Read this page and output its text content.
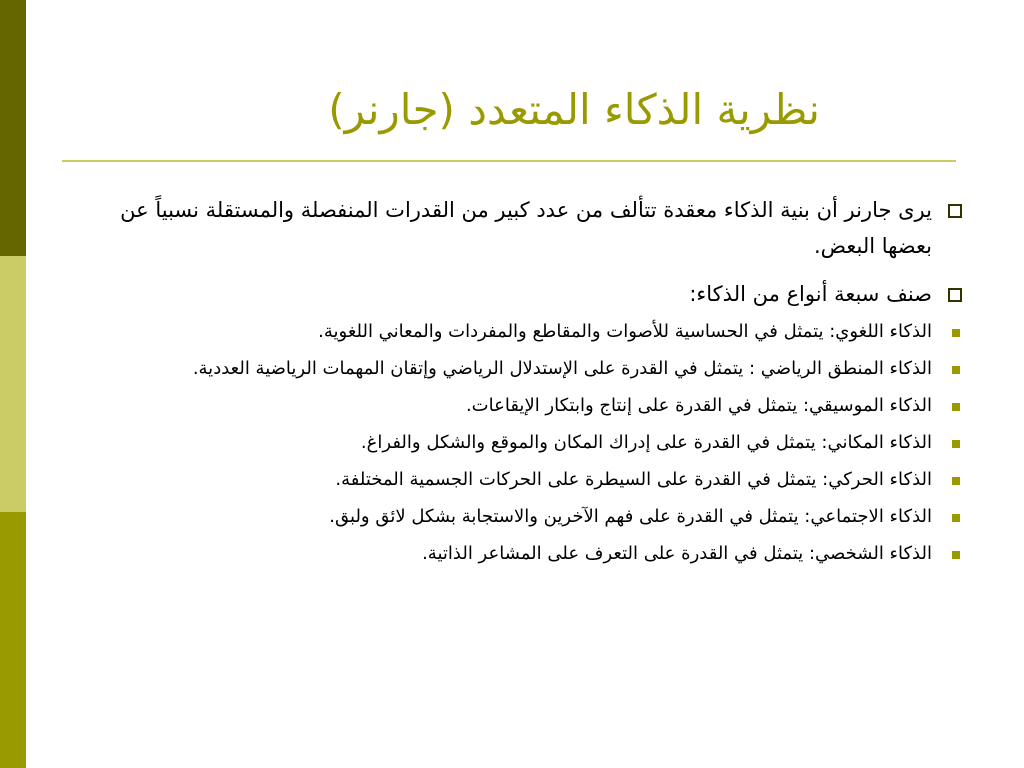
نظرية الذكاء المتعدد (جارنر)
يرى جارنر أن بنية الذكاء معقدة تتألف من عدد كبير من القدرات المنفصلة والمستقلة نسبياً عن بعضها البعض.
صنف سبعة أنواع من الذكاء:
الذكاء اللغوي: يتمثل في الحساسية للأصوات والمقاطع والمفردات والمعاني اللغوية.
الذكاء المنطق الرياضي : يتمثل في القدرة على الإستدلال الرياضي وإتقان المهمات الرياضية العددية.
الذكاء الموسيقي: يتمثل في القدرة على إنتاج وابتكار الإيقاعات.
الذكاء المكاني: يتمثل في القدرة على إدراك المكان والموقع والشكل والفراغ.
الذكاء الحركي: يتمثل في القدرة على السيطرة على الحركات الجسمية المختلفة.
الذكاء الاجتماعي: يتمثل في القدرة على فهم الآخرين والاستجابة بشكل لائق ولبق.
الذكاء الشخصي: يتمثل في القدرة على التعرف على المشاعر الذاتية.
